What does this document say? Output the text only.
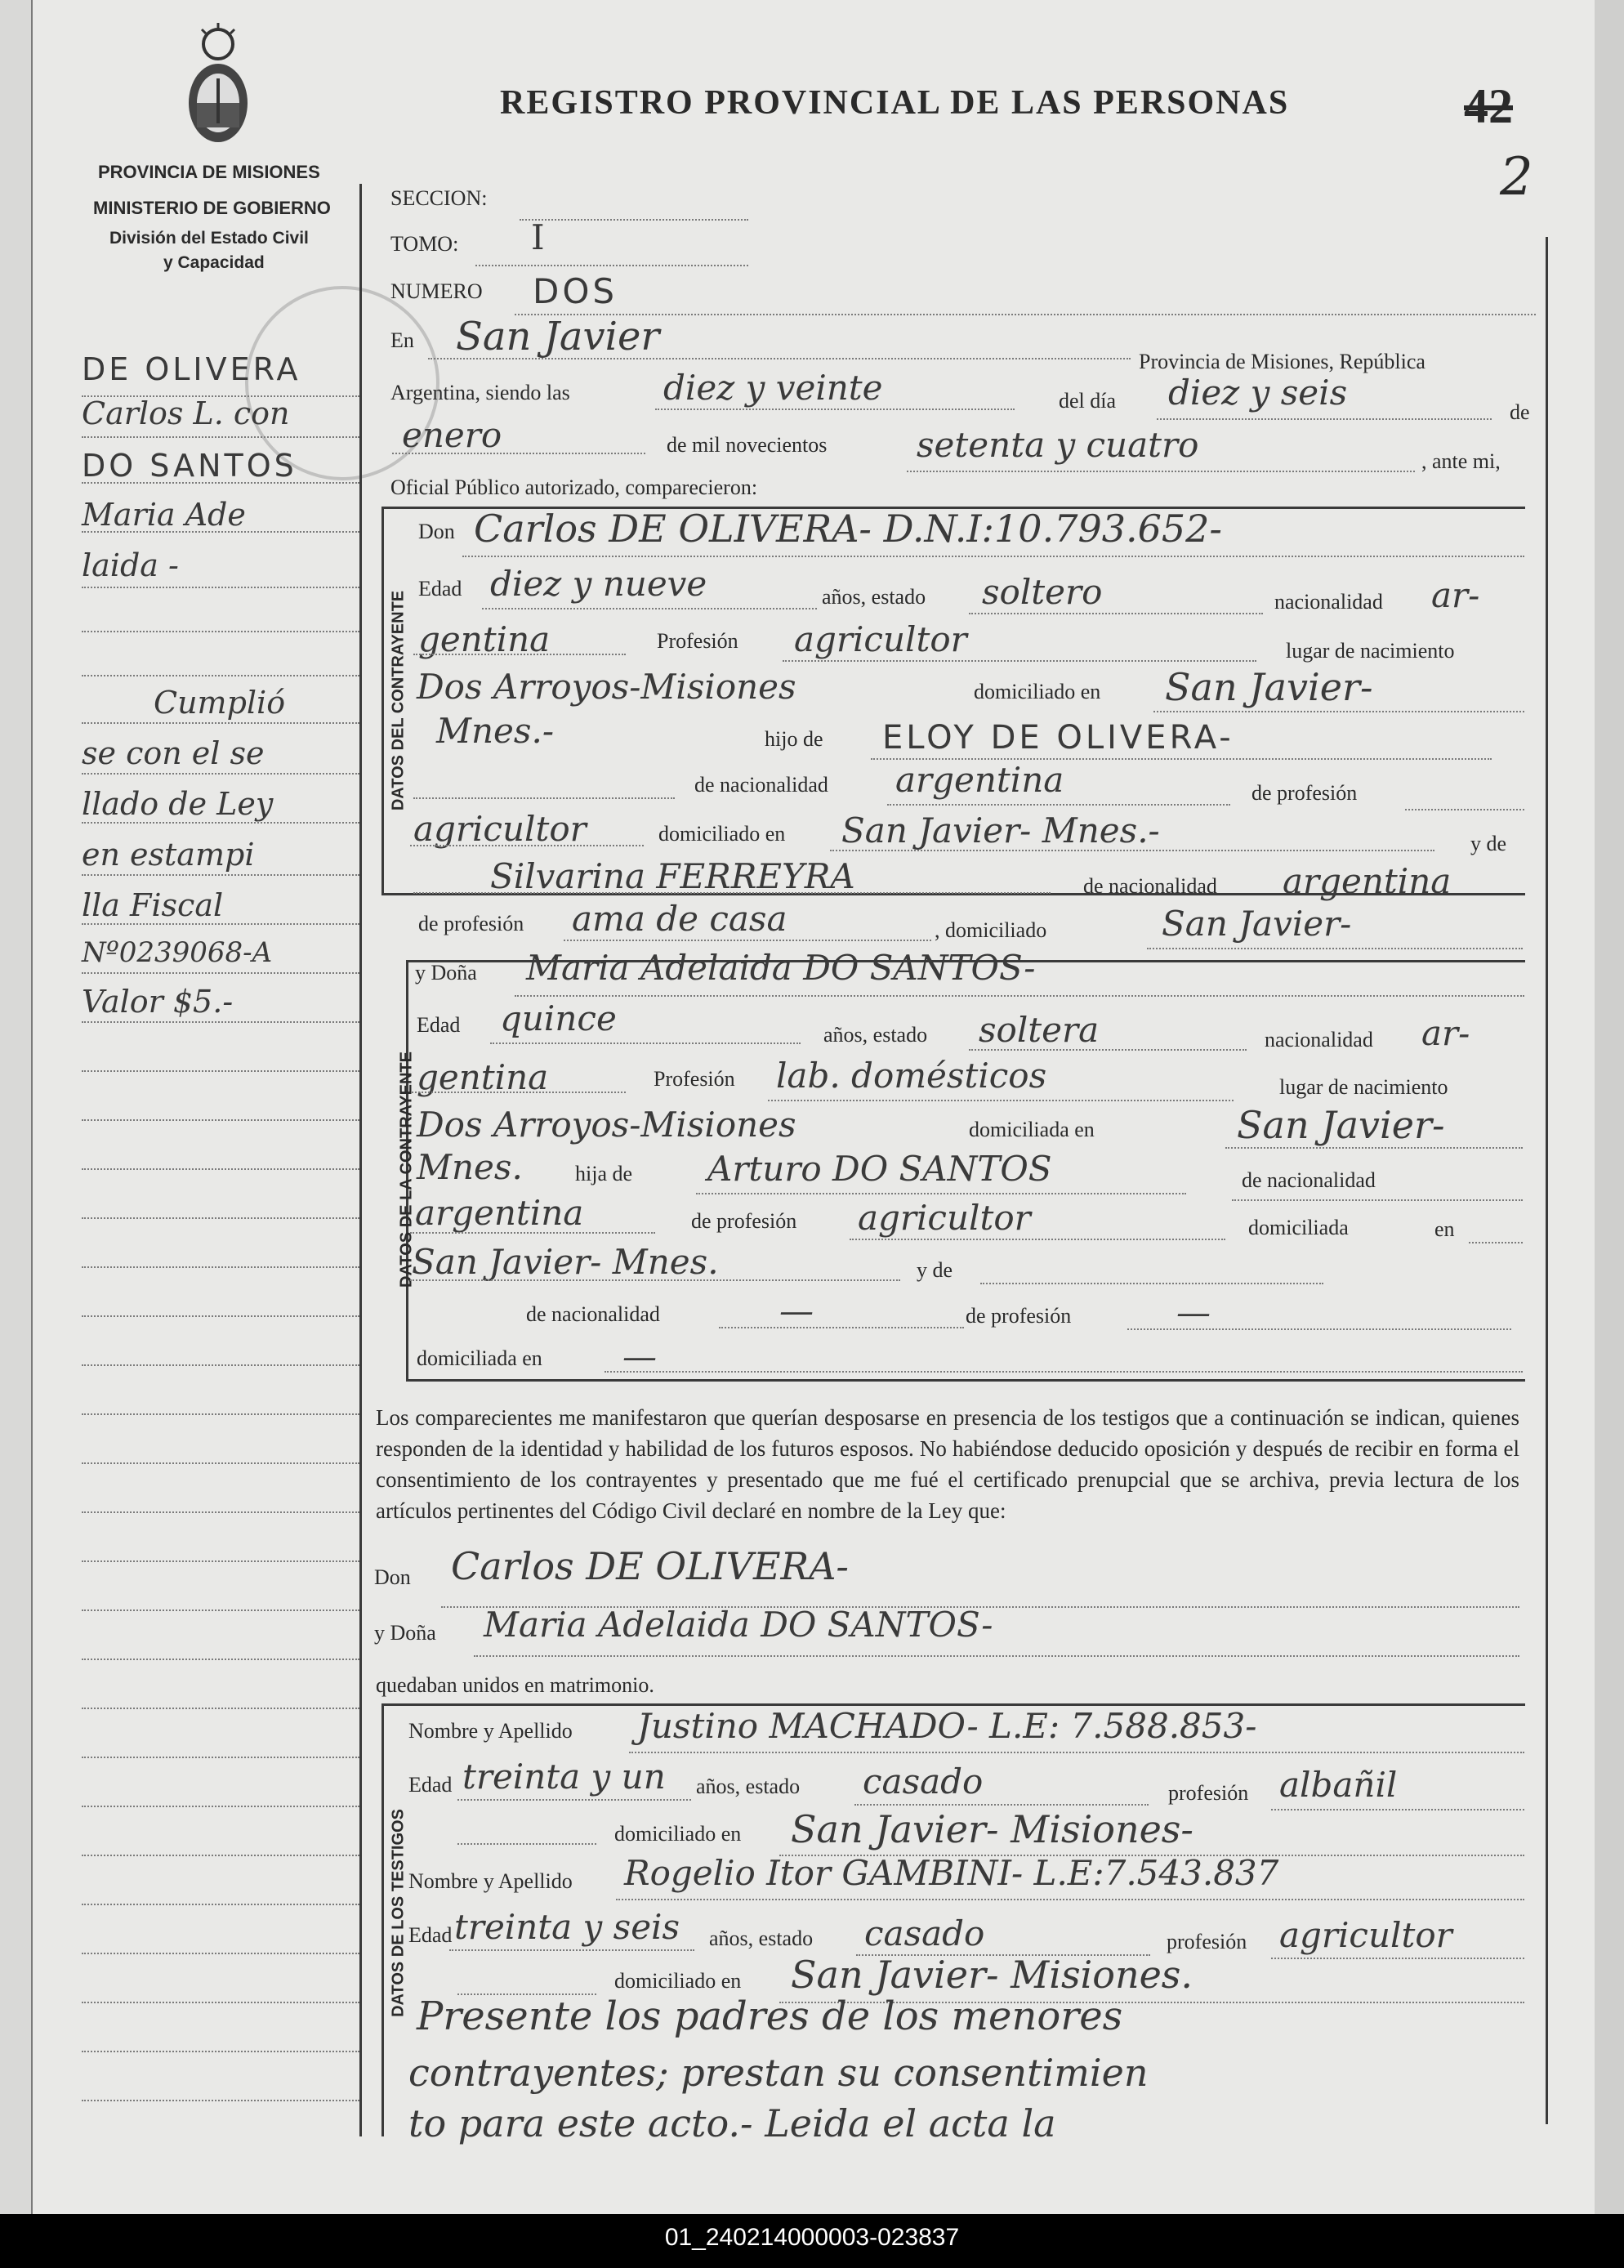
REGISTRO PROVINCIAL DE LAS PERSONAS	42
2
PROVINCIA DE MISIONES
MINISTERIO DE GOBIERNO
División del Estado Civil
y Capacidad
DATOS DEL CONTRAYENTE
DATOS DE LA CONTRAYENTE
DATOS DE LOS TESTIGOS
SECCION:
TOMO: I
NUMERO DOS
En San Javier
Provincia de Misiones, República
Argentina, siendo las	diez y veinte	del día diez y seis	de
enero	de mil novecientos	setenta y cuatro	, ante mi,
Oficial Público autorizado, comparecieron:
Don Carlos DE OLIVERA- D.N.I:10.793.652-
Edad diez y nueve	años, estado soltero	nacionalidad ar-
gentina	Profesión agricultor	lugar de nacimiento
Dos Arroyos-Misiones	domiciliado en San Javier-
Mnes.-	hijo de ELOY DE OLIVERA-
de nacionalidad argentina	de profesión
agricultor	domiciliado en San Javier- Mnes.-	y de
Silvarina FERREYRA	de nacionalidad argentina
de profesión ama de casa	, domiciliado	San Javier-
y Doña Maria Adelaida DO SANTOS-
Edad quince	años, estado soltera	nacionalidad ar-
gentina	Profesión lab. domésticos	lugar de nacimiento
Dos Arroyos-Misiones	domiciliada en	San Javier-
Mnes. hija de Arturo DO SANTOS	de nacionalidad
argentina	de profesión agricultor	domiciliada	en
San Javier- Mnes.	y de
de nacionalidad	—	de profesión	—
domiciliada en —
Los comparecientes me manifestaron que querían desposarse en presencia de los testigos que a continuación se indican, quienes responden de la identidad y habilidad de los futuros esposos. No habiéndose deducido oposición y después de recibir en forma el consentimiento de los contrayentes y presentado que me fué el certificado prenupcial que se archiva, previa lectura de los artículos pertinentes del Código Civil declaré en nombre de la Ley que:
Don Carlos DE OLIVERA-
y Doña Maria Adelaida DO SANTOS-
quedaban unidos en matrimonio.
Nombre y Apellido Justino MACHADO- L.E: 7.588.853-
Edad treinta y un años, estado casado	profesión albañil
domiciliado en San Javier- Misiones-
Nombre y Apellido Rogelio Itor GAMBINI- L.E:7.543.837
Edad treinta y seis años, estado casado	profesión agricultor
domiciliado en San Javier- Misiones.
Presente los padres de los menores
contrayentes; prestan su consentimien
to para este acto.- Leida el acta la
DE OLIVERA
Carlos L. con
DO SANTOS
Maria Ade
laida -
Cumplió
se con el se
llado de Ley
en estampi
lla Fiscal
Nº0239068-A
Valor $5.-
01_240214000003-023837
